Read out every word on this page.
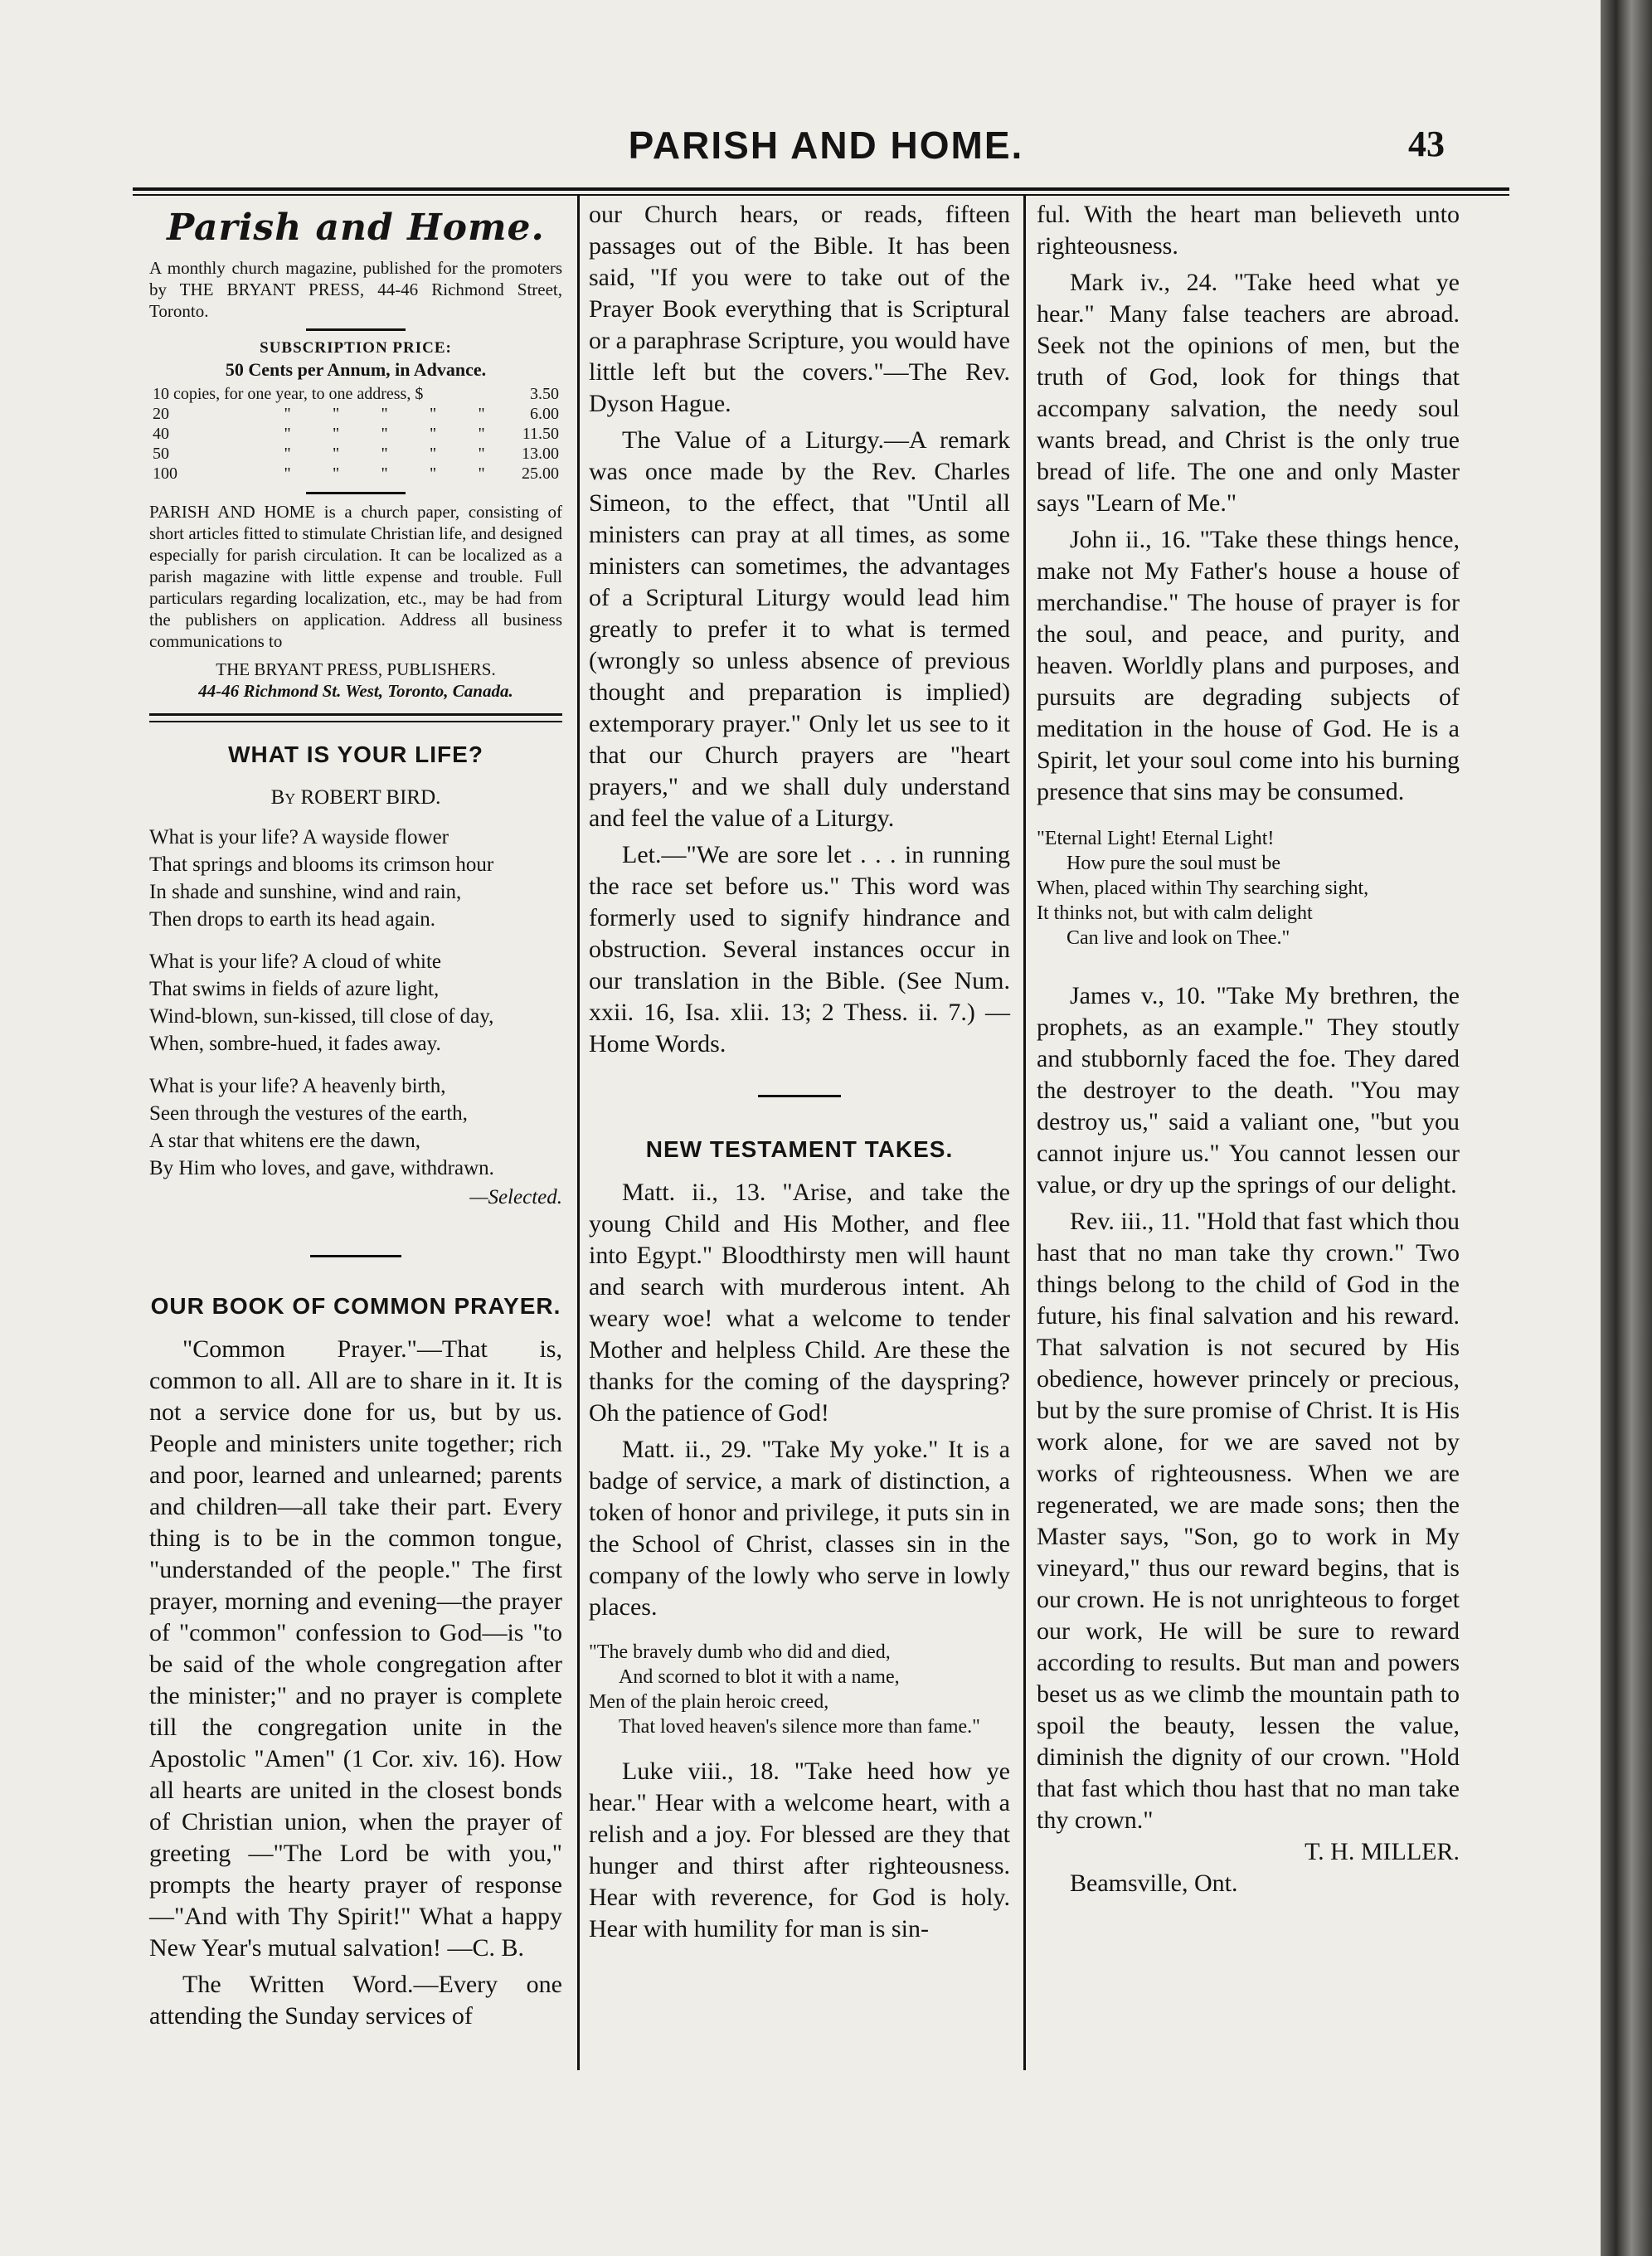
PARISH AND HOME.	43
Parish and Home.

A monthly church magazine, published for the promoters by THE BRYANT PRESS, 44-46 Richmond Street, Toronto.

SUBSCRIPTION PRICE:
50 Cents per Annum, in Advance.
10 copies, for one year, to one address, $						3.50
20	"	"	"	"	"	6.00
40	"	"	"	"	"	11.50
50	"	"	"	"	"	13.00
100	"	"	"	"	"	25.00

PARISH AND HOME is a church paper, consisting of short articles fitted to stimulate Christian life, and designed especially for parish circulation. It can be localized as a parish magazine with little expense and trouble. Full particulars regarding localization, etc., may be had from the publishers on application. Address all business communications to

THE BRYANT PRESS, PUBLISHERS.
44-46 Richmond St. West, Toronto, Canada.
WHAT IS YOUR LIFE?
By ROBERT BIRD.
What is your life? A wayside flower
That springs and blooms its crimson hour
In shade and sunshine, wind and rain,
Then drops to earth its head again.
What is your life? A cloud of white
That swims in fields of azure light,
Wind-blown, sun-kissed, till close of day,
When, sombre-hued, it fades away.
What is your life? A heavenly birth,
Seen through the vestures of the earth,
A star that whitens ere the dawn,
By Him who loves, and gave, withdrawn.
—Selected.
OUR BOOK OF COMMON PRAYER.

"Common Prayer."—That is, common to all. All are to share in it. It is not a service done for us, but by us. People and ministers unite together; rich and poor, learned and unlearned; parents and children—all take their part. Every thing is to be in the common tongue, "understanded of the people." The first prayer, morning and evening—the prayer of "common" confession to God—is "to be said of the whole congregation after the minister;" and no prayer is complete till the congregation unite in the Apostolic "Amen" (1 Cor. xiv. 16). How all hearts are united in the closest bonds of Christian union, when the prayer of greeting —"The Lord be with you," prompts the hearty prayer of response—"And with Thy Spirit!" What a happy New Year's mutual salvation! —C. B.

The Written Word.—Every one attending the Sunday services of

our Church hears, or reads, fifteen passages out of the Bible. It has been said, "If you were to take out of the Prayer Book everything that is Scriptural or a paraphrase Scripture, you would have little left but the covers."—The Rev. Dyson Hague.

The Value of a Liturgy.—A remark was once made by the Rev. Charles Simeon, to the effect, that "Until all ministers can pray at all times, as some ministers can sometimes, the advantages of a Scriptural Liturgy would lead him greatly to prefer it to what is termed (wrongly so unless absence of previous thought and preparation is implied) extemporary prayer." Only let us see to it that our Church prayers are "heart prayers," and we shall duly understand and feel the value of a Liturgy.

Let.—"We are sore let . . . in running the race set before us." This word was formerly used to signify hindrance and obstruction. Several instances occur in our translation in the Bible. (See Num. xxii. 16, Isa. xlii. 13; 2 Thess. ii. 7.) —Home Words.

NEW TESTAMENT TAKES.

Matt. ii., 13. "Arise, and take the young Child and His Mother, and flee into Egypt." Bloodthirsty men will haunt and search with murderous intent. Ah weary woe! what a welcome to tender Mother and helpless Child. Are these the thanks for the coming of the dayspring? Oh the patience of God!

Matt. ii., 29. "Take My yoke." It is a badge of service, a mark of distinction, a token of honor and privilege, it puts sin in the School of Christ, classes sin in the company of the lowly who serve in lowly places.

"The bravely dumb who did and died,
And scorned to blot it with a name,
Men of the plain heroic creed,
That loved heaven's silence more than fame."

Luke viii., 18. "Take heed how ye hear." Hear with a welcome heart, with a relish and a joy. For blessed are they that hunger and thirst after righteousness. Hear with reverence, for God is holy. Hear with humility for man is sin-

ful. With the heart man believeth unto righteousness.

Mark iv., 24. "Take heed what ye hear." Many false teachers are abroad. Seek not the opinions of men, but the truth of God, look for things that accompany salvation, the needy soul wants bread, and Christ is the only true bread of life. The one and only Master says "Learn of Me."

John ii., 16. "Take these things hence, make not My Father's house a house of merchandise." The house of prayer is for the soul, and peace, and purity, and heaven. Worldly plans and purposes, and pursuits are degrading subjects of meditation in the house of God. He is a Spirit, let your soul come into his burning presence that sins may be consumed.

"Eternal Light! Eternal Light!
How pure the soul must be
When, placed within Thy searching sight,
It thinks not, but with calm delight
Can live and look on Thee."

James v., 10. "Take My brethren, the prophets, as an example." They stoutly and stubbornly faced the foe. They dared the destroyer to the death. "You may destroy us," said a valiant one, "but you cannot injure us." You cannot lessen our value, or dry up the springs of our delight.

Rev. iii., 11. "Hold that fast which thou hast that no man take thy crown." Two things belong to the child of God in the future, his final salvation and his reward. That salvation is not secured by His obedience, however princely or precious, but by the sure promise of Christ. It is His work alone, for we are saved not by works of righteousness. When we are regenerated, we are made sons; then the Master says, "Son, go to work in My vineyard," thus our reward begins, that is our crown. He is not unrighteous to forget our work, He will be sure to reward according to results. But man and powers beset us as we climb the mountain path to spoil the beauty, lessen the value, diminish the dignity of our crown. "Hold that fast which thou hast that no man take thy crown."

T. H. MILLER.
Beamsville, Ont.
